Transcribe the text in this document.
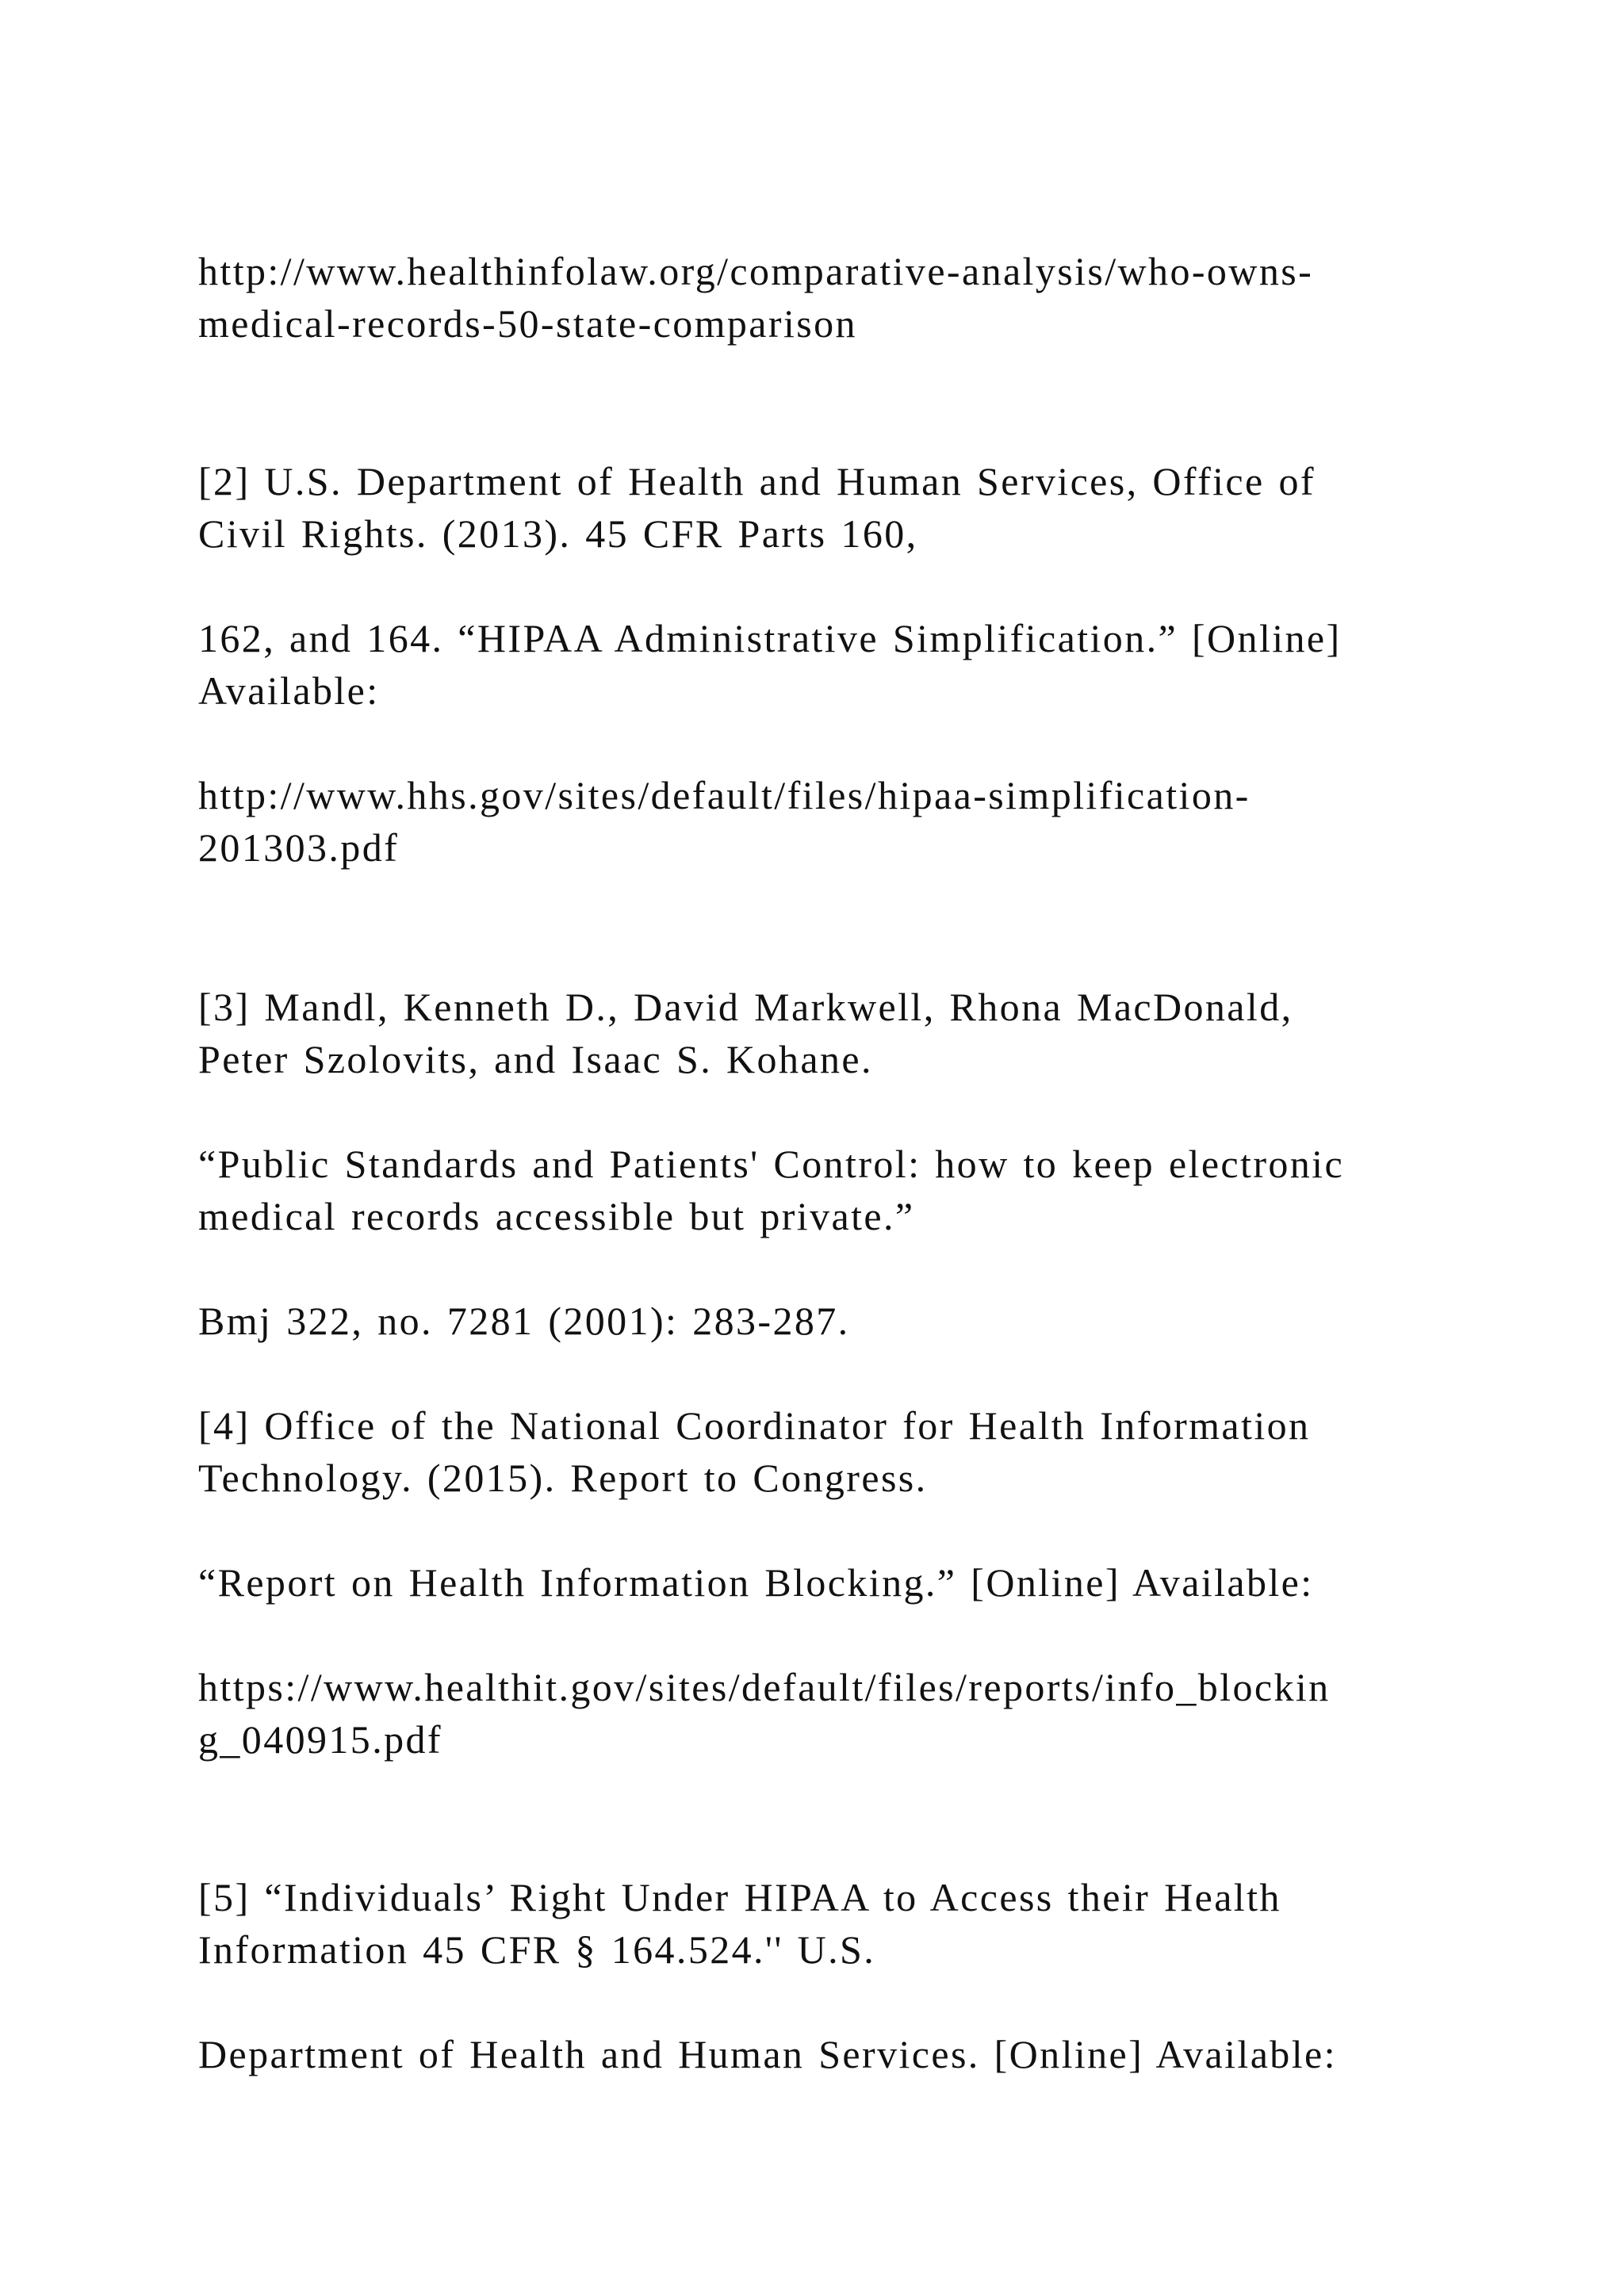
http://www.healthinfolaw.org/comparative-analysis/who-owns-

medical-records-50-state-comparison

[2] U.S. Department of Health and Human Services, Office of

Civil Rights. (2013). 45 CFR Parts 160,

162, and 164. “HIPAA Administrative Simplification.” [Online]

Available:

http://www.hhs.gov/sites/default/files/hipaa-simplification-

201303.pdf

[3] Mandl, Kenneth D., David Markwell, Rhona MacDonald,

Peter Szolovits, and Isaac S. Kohane.

“Public Standards and Patients' Control: how to keep electronic

medical records accessible but private.”

Bmj 322, no. 7281 (2001): 283-287.

[4] Office of the National Coordinator for Health Information

Technology. (2015). Report to Congress.

“Report on Health Information Blocking.” [Online] Available:

https://www.healthit.gov/sites/default/files/reports/info_blockin

g_040915.pdf

[5] “Individuals’ Right Under HIPAA to Access their Health

Information 45 CFR § 164.524.'' U.S.

Department of Health and Human Services. [Online] Available:
